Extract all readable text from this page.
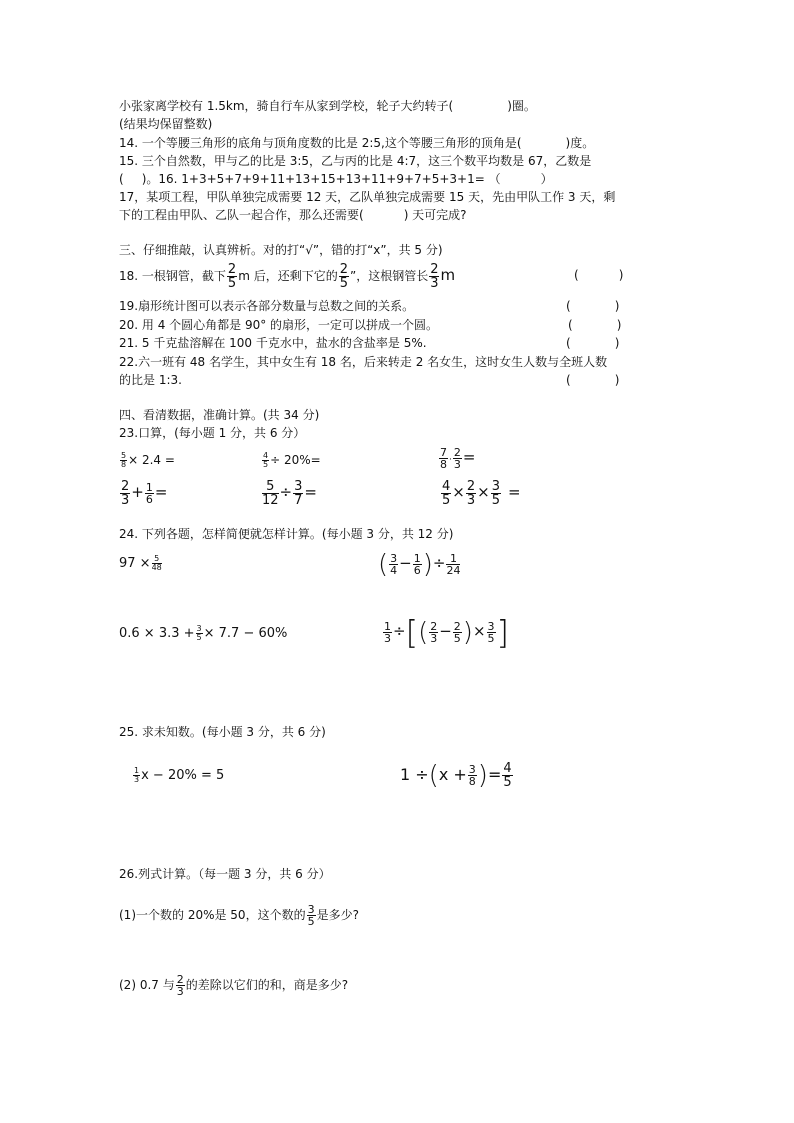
小张家离学校有 1.5km，骑自行车从家到学校，轮子大约转子(	)圈。
(结果均保留整数)
14. 一个等腰三角形的底角与顶角度数的比是 2:5,这个等腰三角形的顶角是(	)度。
15. 三个自然数，甲与乙的比是 3:5，乙与丙的比是 4:7，这三个数平均数是 67，乙数是
( )。16. 1+3+5+7+9+11+13+15+13+11+9+7+5+3+1= （	）
17，某项工程，甲队单独完成需要 12 天，乙队单独完成需要 15 天，先由甲队工作 3 天，剩
下的工程由甲队、乙队一起合作，那么还需要(	) 天可完成?
三、仔细推敲，认真辨析。对的打“√”，错的打“x”，共 5 分)
18. 一根钢管，截下 $\frac{2}{5}$ m 后，还剩下它的 $\frac{2}{5}$ ”，这根钢管长 $\frac{2}{3}$ m	(	)
19.扇形统计图可以表示各部分数量与总数之间的关系。	(	)
20. 用 4 个圆心角都是 90° 的扇形，一定可以拼成一个圆。	(	)
21. 5 千克盐溶解在 100 千克水中，盐水的含盐率是 5%.	(	)
22.六一班有 48 名学生，其中女生有 18 名，后来转走 2 名女生，这时女生人数与全班人数
的比是 1:3.	(	)
四、看清数据，准确计算。(共 34 分)
23.口算，(每小题 1 分，共 6 分）
$\frac{5}{8} \times 2.4$ =	$\frac{4}{5} \div 20\%=$	$\frac{7}{8} \cdot \frac{2}{3}$ =
$\frac{2}{3} + \frac{1}{6}$ =	$\frac{5}{12} \div \frac{3}{7}$ =	$\frac{4}{5} \times \frac{2}{3} \times \frac{3}{5}$ =
24. 下列各题，怎样简便就怎样计算。(每小题 3 分，共 12 分)
$97 \times \frac{5}{48}$	( $\frac{3}{4} - \frac{1}{6}$ )÷ $\frac{1}{24}$
$0.6 \times 3.3 + \frac{3}{5} \times 7.7 - 60\%$	$\frac{1}{3}$ ÷[( $\frac{2}{3} - \frac{2}{5}$ )× $\frac{3}{5}$ ]
25. 求未知数。(每小题 3 分，共 6 分)
$\frac{1}{3}$ x − 20% = 5	$1 \div(x + \frac{3}{8}$ )= $\frac{4}{5}$
26.列式计算。（每一题 3 分，共 6 分）
(1)一个数的 20%是 50，这个数的 $\frac{3}{5}$ 是多少?
(2) 0.7 与 $\frac{2}{3}$ 的差除以它们的和，商是多少?
